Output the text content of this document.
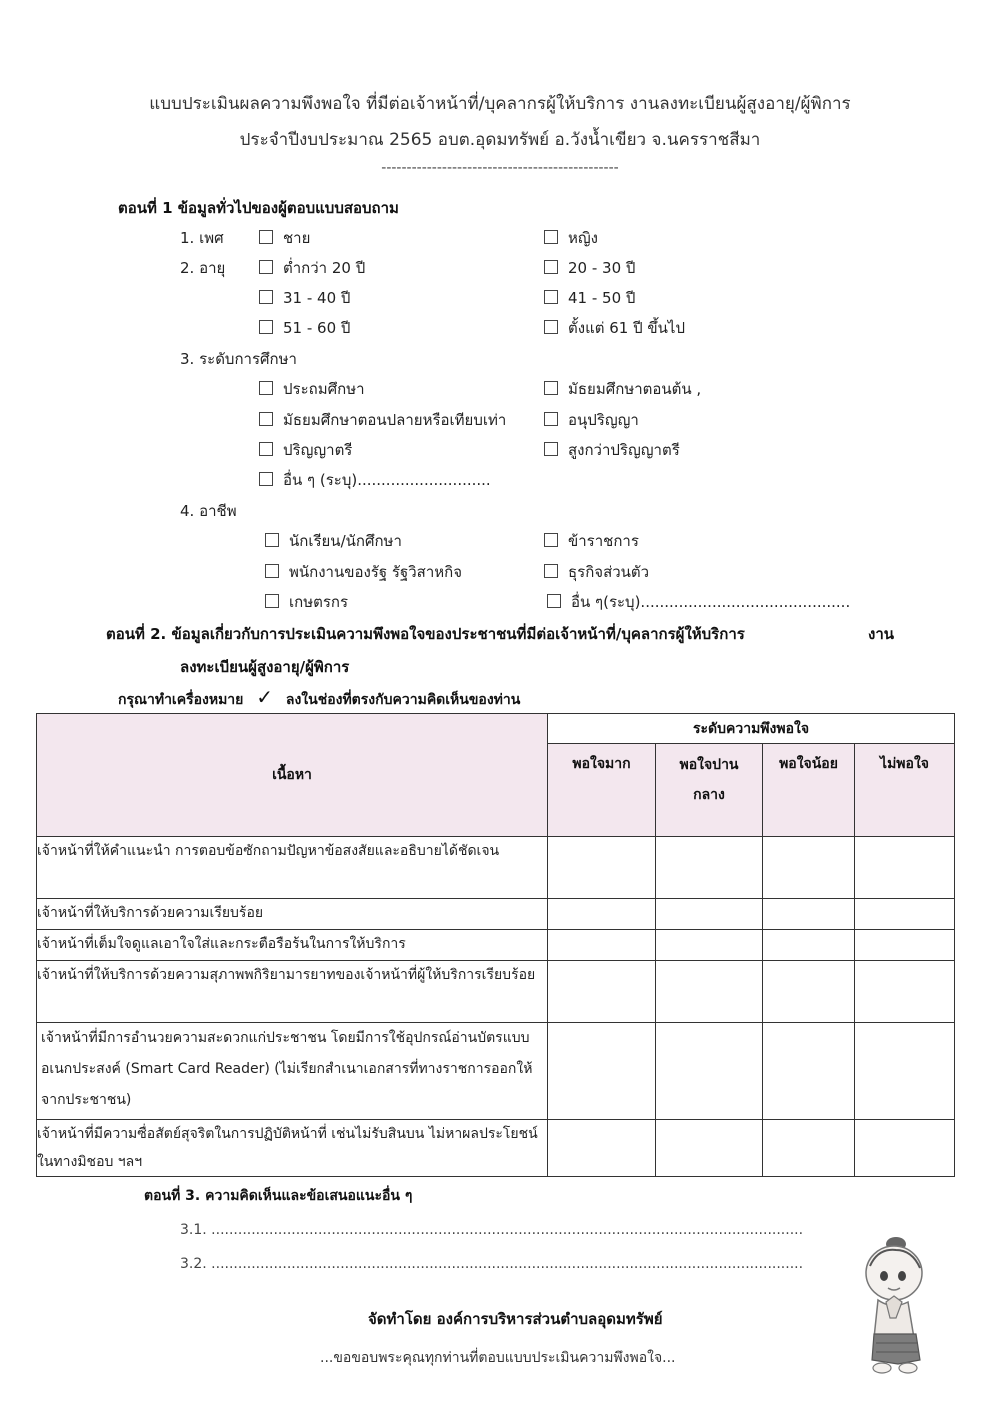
แบบประเมินผลความพึงพอใจ ที่มีต่อเจ้าหน้าที่/บุคลากรผู้ให้บริการ งานลงทะเบียนผู้สูงอายุ/ผู้พิการ
ประจำปีงบประมาณ 2565 อบต.อุดมทรัพย์ อ.วังน้ำเขียว จ.นครราชสีมา
-----------------------------------------------
ตอนที่ 1 ข้อมูลทั่วไปของผู้ตอบแบบสอบถาม
1. เพศ	ชาย	หญิง
2. อายุ	ต่ำกว่า 20 ปี	20 - 30 ปี
31 - 40 ปี	41 - 50 ปี
51 - 60 ปี	ตั้งแต่ 61 ปี ขึ้นไป
3. ระดับการศึกษา
ประถมศึกษา	มัธยมศึกษาตอนต้น ,
มัธยมศึกษาตอนปลายหรือเทียบเท่า	อนุปริญญา
ปริญญาตรี	สูงกว่าปริญญาตรี
อื่น ๆ (ระบุ)............................
4. อาชีพ
นักเรียน/นักศึกษา	ข้าราชการ
พนักงานของรัฐ รัฐวิสาหกิจ	ธุรกิจส่วนตัว
เกษตรกร	อื่น ๆ(ระบุ)............................................
ตอนที่ 2. ข้อมูลเกี่ยวกับการประเมินความพึงพอใจของประชาชนที่มีต่อเจ้าหน้าที่/บุคลากรผู้ให้บริการ	งาน
ลงทะเบียนผู้สูงอายุ/ผู้พิการ
กรุณาทำเครื่องหมาย ✓ ลงในช่องที่ตรงกับความคิดเห็นของท่าน
เนื้อหา	ระดับความพึงพอใจ			
	พอใจมาก	พอใจปาน กลาง	พอใจน้อย	ไม่พอใจ
เจ้าหน้าที่ให้คำแนะนำ การตอบข้อซักถามปัญหาข้อสงสัยและอธิบายได้ชัดเจน				
เจ้าหน้าที่ให้บริการด้วยความเรียบร้อย				
เจ้าหน้าที่เต็มใจดูแลเอาใจใส่และกระตือรือร้นในการให้บริการ				
เจ้าหน้าที่ให้บริการด้วยความสุภาพพกิริยามารยาทของเจ้าหน้าที่ผู้ให้บริการเรียบร้อย				
เจ้าหน้าที่มีการอำนวยความสะดวกแก่ประชาชน โดยมีการใช้อุปกรณ์อ่านบัตรแบบอเนกประสงค์ (Smart Card Reader) (ไม่เรียกสำเนาเอกสารที่ทางราชการออกให้จากประชาชน)				
เจ้าหน้าที่มีความซื่อสัตย์สุจริตในการปฏิบัติหน้าที่ เช่นไม่รับสินบน ไม่หาผลประโยชน์ ในทางมิชอบ ฯลฯ				
ตอนที่ 3. ความคิดเห็นและข้อเสนอแนะอื่น ๆ
3.1. .....................................................................................................................................
3.2. .....................................................................................................................................
จัดทำโดย องค์การบริหารส่วนตำบลอุดมทรัพย์
...ขอขอบพระคุณทุกท่านที่ตอบแบบประเมินความพึงพอใจ...
